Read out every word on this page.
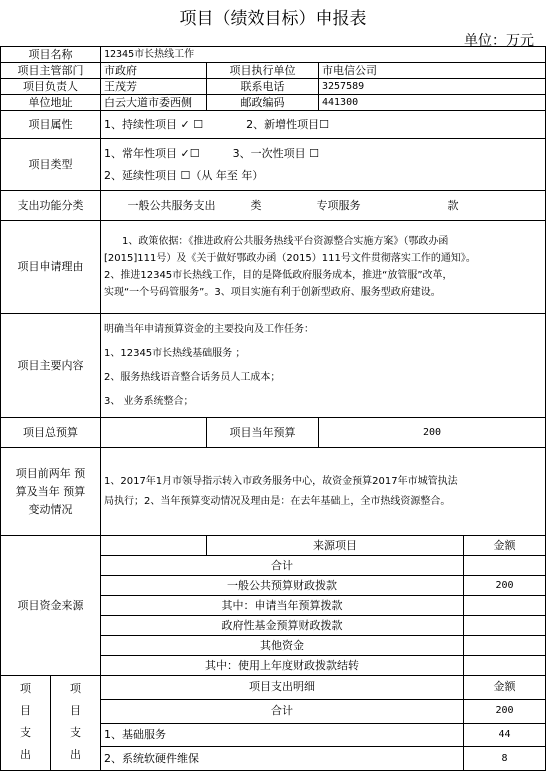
项目（绩效目标）申报表
单位：万元
项目名称		12345市长热线工作			
项目主管部门		市政府	项目执行单位	市电信公司	
项目负责人		王茂芳	联系电话	3257589	
单位地址		白云大道市委西侧	邮政编码	441300	
项目属性		1、持续性项目 ✓ ☐ 2、新增性项目☐			
项目类型		1、常年性项目 ✓☐ 3、一次性项目 ☐
2、延续性项目 ☐（从 年至 年）			

支出功能分类		一般公共服务支出 类 专项服务 款			
项目申请理由		1、政策依据：《推进政府公共服务热线平台资源整合实施方案》（鄂政办函
[2015]111号）及《关于做好鄂政办函（2015）111号文件贯彻落实工作的通知》。
2、推进12345市长热线工作，目的是降低政府服务成本，推进“放管服”改革，
实现“一个号码管服务”。3、项目实施有利于创新型政府、服务型政府建设。			

项目主要内容		明确当年申请预算资金的主要投向及工作任务：
1、12345市长热线基础服务 ；
2、服务热线语音整合话务员人工成本；
3、 业务系统整合；			

项目总预算			项目当年预算	200	

项目前两年 预
算及当年 预算
变动情况		1、2017年1月市领导指示转入市政务服务中心，故资金预算2017年市城管执法
局执行；2、当年预算变动情况及理由是：在去年基础上，全市热线资源整合。			

项目资金来源			来源项目		金额
		合计			
		一般公共预算财政拨款			200
		其中：申请当年预算拨款			
		政府性基金预算财政拨款			
		其他资金			
		其中：使用上年度财政拨款结转			

项
目
支
出	项
目
支
出	项目支出明细			金额
		合计			200
		1、基础服务			44
		2、系统软硬件维保			8
